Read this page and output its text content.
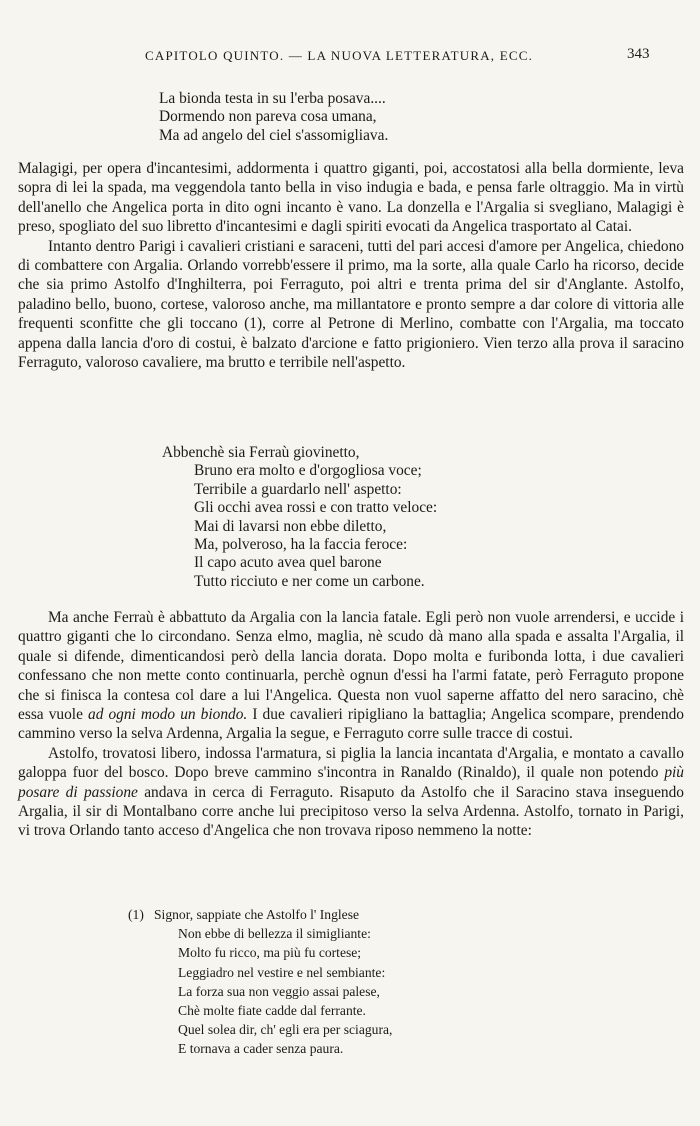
CAPITOLO QUINTO. — LA NUOVA LETTERATURA, ECC.	343
La bionda testa in su l'erba posava....
Dormendo non pareva cosa umana,
Ma ad angelo del ciel s'assomigliava.

Malagigi, per opera d'incantesimi, addormenta i quattro giganti, poi, accostatosi alla bella dormiente, leva sopra di lei la spada, ma veggendola tanto bella in viso indugia e bada, e pensa farle oltraggio. Ma in virtù dell'anello che Angelica porta in dito ogni incanto è vano. La donzella e l'Argalia si svegliano, Malagigi è preso, spogliato del suo libretto d'incantesimi e dagli spiriti evocati da Angelica trasportato al Catai.

Intanto dentro Parigi i cavalieri cristiani e saraceni, tutti del pari accesi d'amore per Angelica, chiedono di combattere con Argalia. Orlando vorrebb'essere il primo, ma la sorte, alla quale Carlo ha ricorso, decide che sia primo Astolfo d'Inghilterra, poi Ferraguto, poi altri e trenta prima del sir d'Anglante. Astolfo, paladino bello, buono, cortese, valoroso anche, ma millantatore e pronto sempre a dar colore di vittoria alle frequenti sconfitte che gli toccano (1), corre al Petrone di Merlino, combatte con l'Argalia, ma toccato appena dalla lancia d'oro di costui, è balzato d'arcione e fatto prigioniero. Vien terzo alla prova il saracino Ferraguto, valoroso cavaliere, ma brutto e terribile nell'aspetto.

Abbenchè sia Ferraù giovinetto,
Bruno era molto e d'orgogliosa voce;
Terribile a guardarlo nell' aspetto:
Gli occhi avea rossi e con tratto veloce:
Mai di lavarsi non ebbe diletto,
Ma, polveroso, ha la faccia feroce:
Il capo acuto avea quel barone
Tutto ricciuto e ner come un carbone.

Ma anche Ferraù è abbattuto da Argalia con la lancia fatale. Egli però non vuole arrendersi, e uccide i quattro giganti che lo circondano. Senza elmo, maglia, nè scudo dà mano alla spada e assalta l'Argalia, il quale si difende, dimenticandosi però della lancia dorata. Dopo molta e furibonda lotta, i due cavalieri confessano che non mette conto continuarla, perchè ognun d'essi ha l'armi fatate, però Ferraguto propone che si finisca la contesa col dare a lui l'Angelica. Questa non vuol saperne affatto del nero saracino, chè essa vuole ad ogni modo un biondo. I due cavalieri ripigliano la battaglia; Angelica scompare, prendendo cammino verso la selva Ardenna, Argalia la segue, e Ferraguto corre sulle tracce di costui.

Astolfo, trovatosi libero, indossa l'armatura, si piglia la lancia incantata d'Argalia, e montato a cavallo galoppa fuor del bosco. Dopo breve cammino s'incontra in Ranaldo (Rinaldo), il quale non potendo più posare di passione andava in cerca di Ferraguto. Risaputo da Astolfo che il Saracino stava inseguendo Argalia, il sir di Montalbano corre anche lui precipitoso verso la selva Ardenna. Astolfo, tornato in Parigi, vi trova Orlando tanto acceso d'Angelica che non trovava riposo nemmeno la notte:

(1) Signor, sappiate che Astolfo l' Inglese
Non ebbe di bellezza il simigliante:
Molto fu ricco, ma più fu cortese;
Leggiadro nel vestire e nel sembiante:
La forza sua non veggio assai palese,
Chè molte fiate cadde dal ferrante.
Quel solea dir, ch' egli era per sciagura,
E tornava a cader senza paura.
